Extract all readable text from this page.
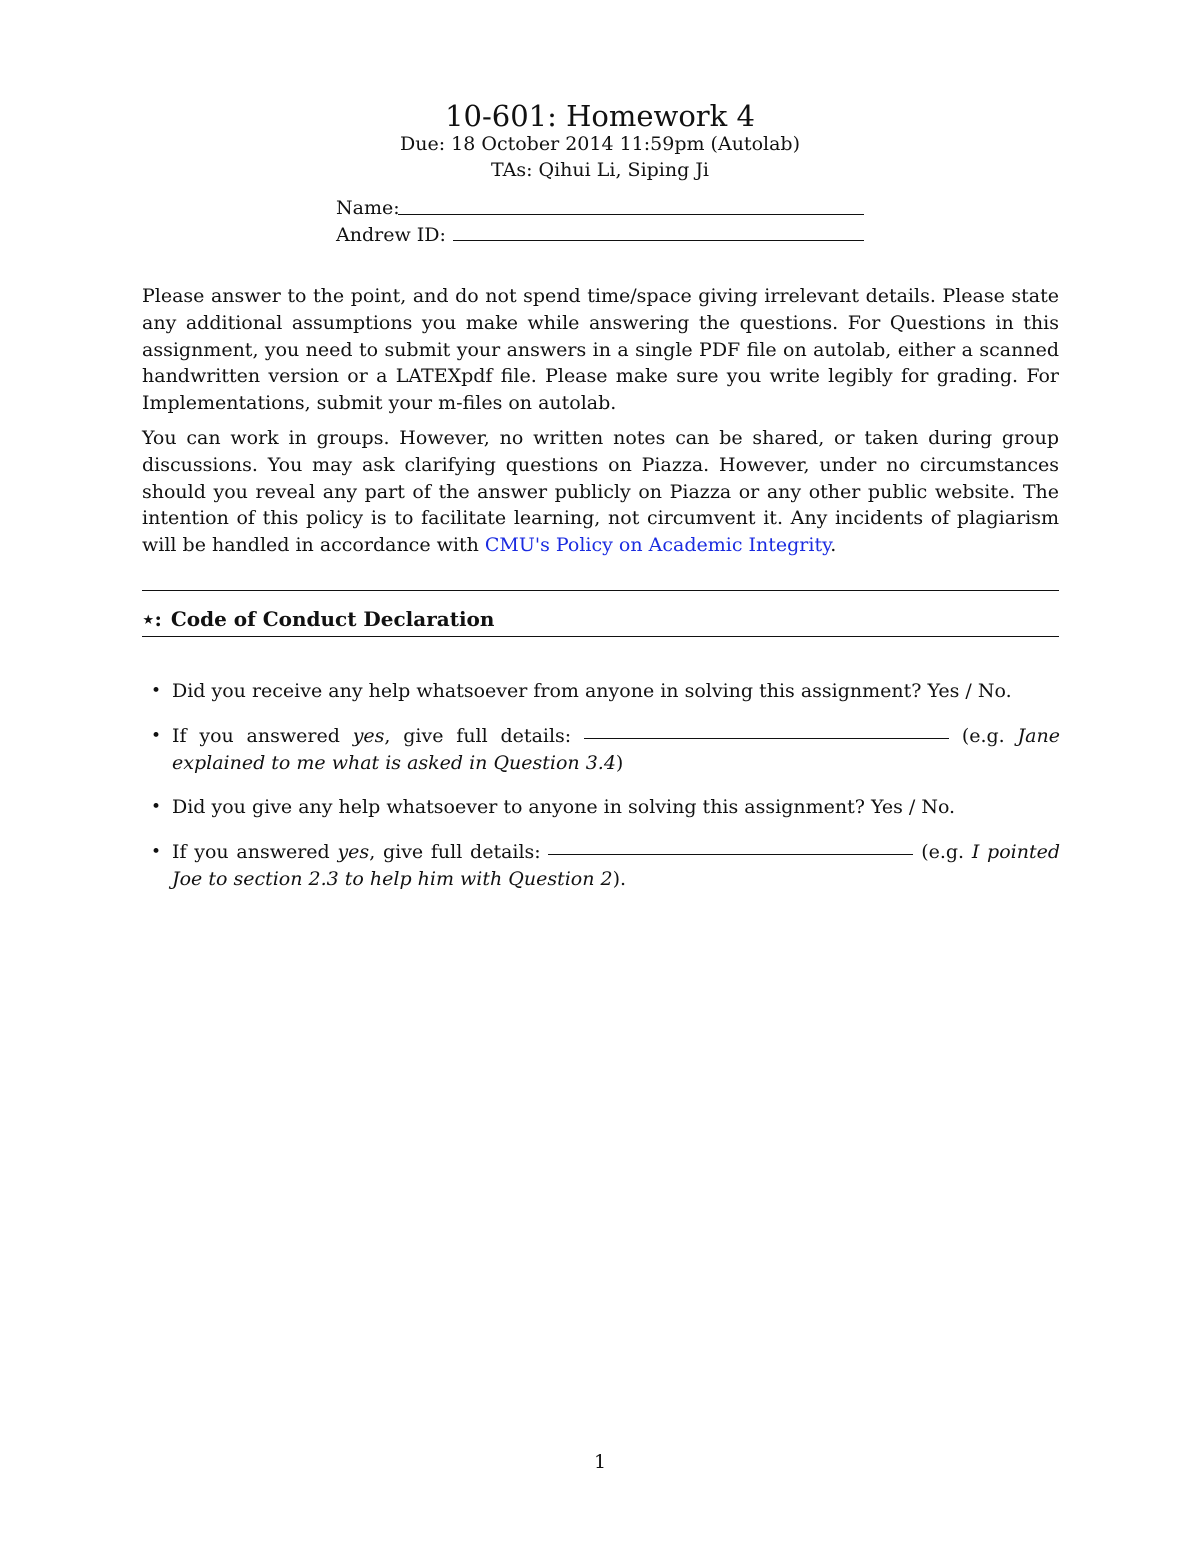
10-601: Homework 4
Due: 18 October 2014 11:59pm (Autolab)
TAs: Qihui Li, Siping Ji
Name:
Andrew ID:

Please answer to the point, and do not spend time/space giving irrelevant details. Please state any additional assumptions you make while answering the questions. For Questions in this assignment, you need to submit your answers in a single PDF file on autolab, either a scanned handwritten version or a LATEXpdf file. Please make sure you write legibly for grading. For Implementations, submit your m-files on autolab.

You can work in groups. However, no written notes can be shared, or taken during group discussions. You may ask clarifying questions on Piazza. However, under no circumstances should you reveal any part of the answer publicly on Piazza or any other public website. The intention of this policy is to facilitate learning, not circumvent it. Any incidents of plagiarism will be handled in accordance with CMU's Policy on Academic Integrity.

⋆: Code of Conduct Declaration
• Did you receive any help whatsoever from anyone in solving this assignment? Yes / No.
• If you answered yes, give full details:	(e.g. Jane explained to me what is asked in Question 3.4)
• Did you give any help whatsoever to anyone in solving this assignment? Yes / No.
• If you answered yes, give full details:	(e.g. I pointed Joe to section 2.3 to help him with Question 2).
1
